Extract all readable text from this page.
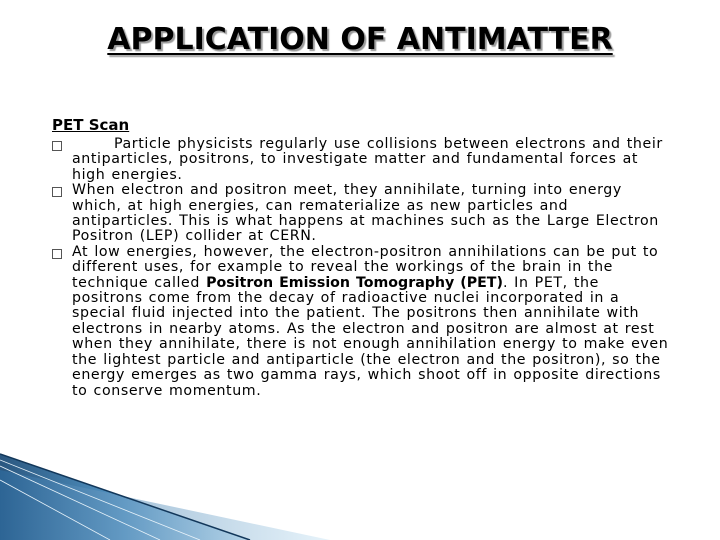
APPLICATION OF ANTIMATTER
PET Scan
Particle physicists regularly use collisions between electrons and their antiparticles, positrons, to investigate matter and fundamental forces at high energies.
When electron and positron meet, they annihilate, turning into energy which, at high energies, can rematerialize as new particles and antiparticles. This is what happens at machines such as the Large Electron Positron (LEP) collider at CERN.
At low energies, however, the electron-positron annihilations can be put to different uses, for example to reveal the workings of the brain in the technique called Positron Emission Tomography (PET). In PET, the positrons come from the decay of radioactive nuclei incorporated in a special fluid injected into the patient. The positrons then annihilate with electrons in nearby atoms. As the electron and positron are almost at rest when they annihilate, there is not enough annihilation energy to make even the lightest particle and antiparticle (the electron and the positron), so the energy emerges as two gamma rays, which shoot off in opposite directions to conserve momentum.
